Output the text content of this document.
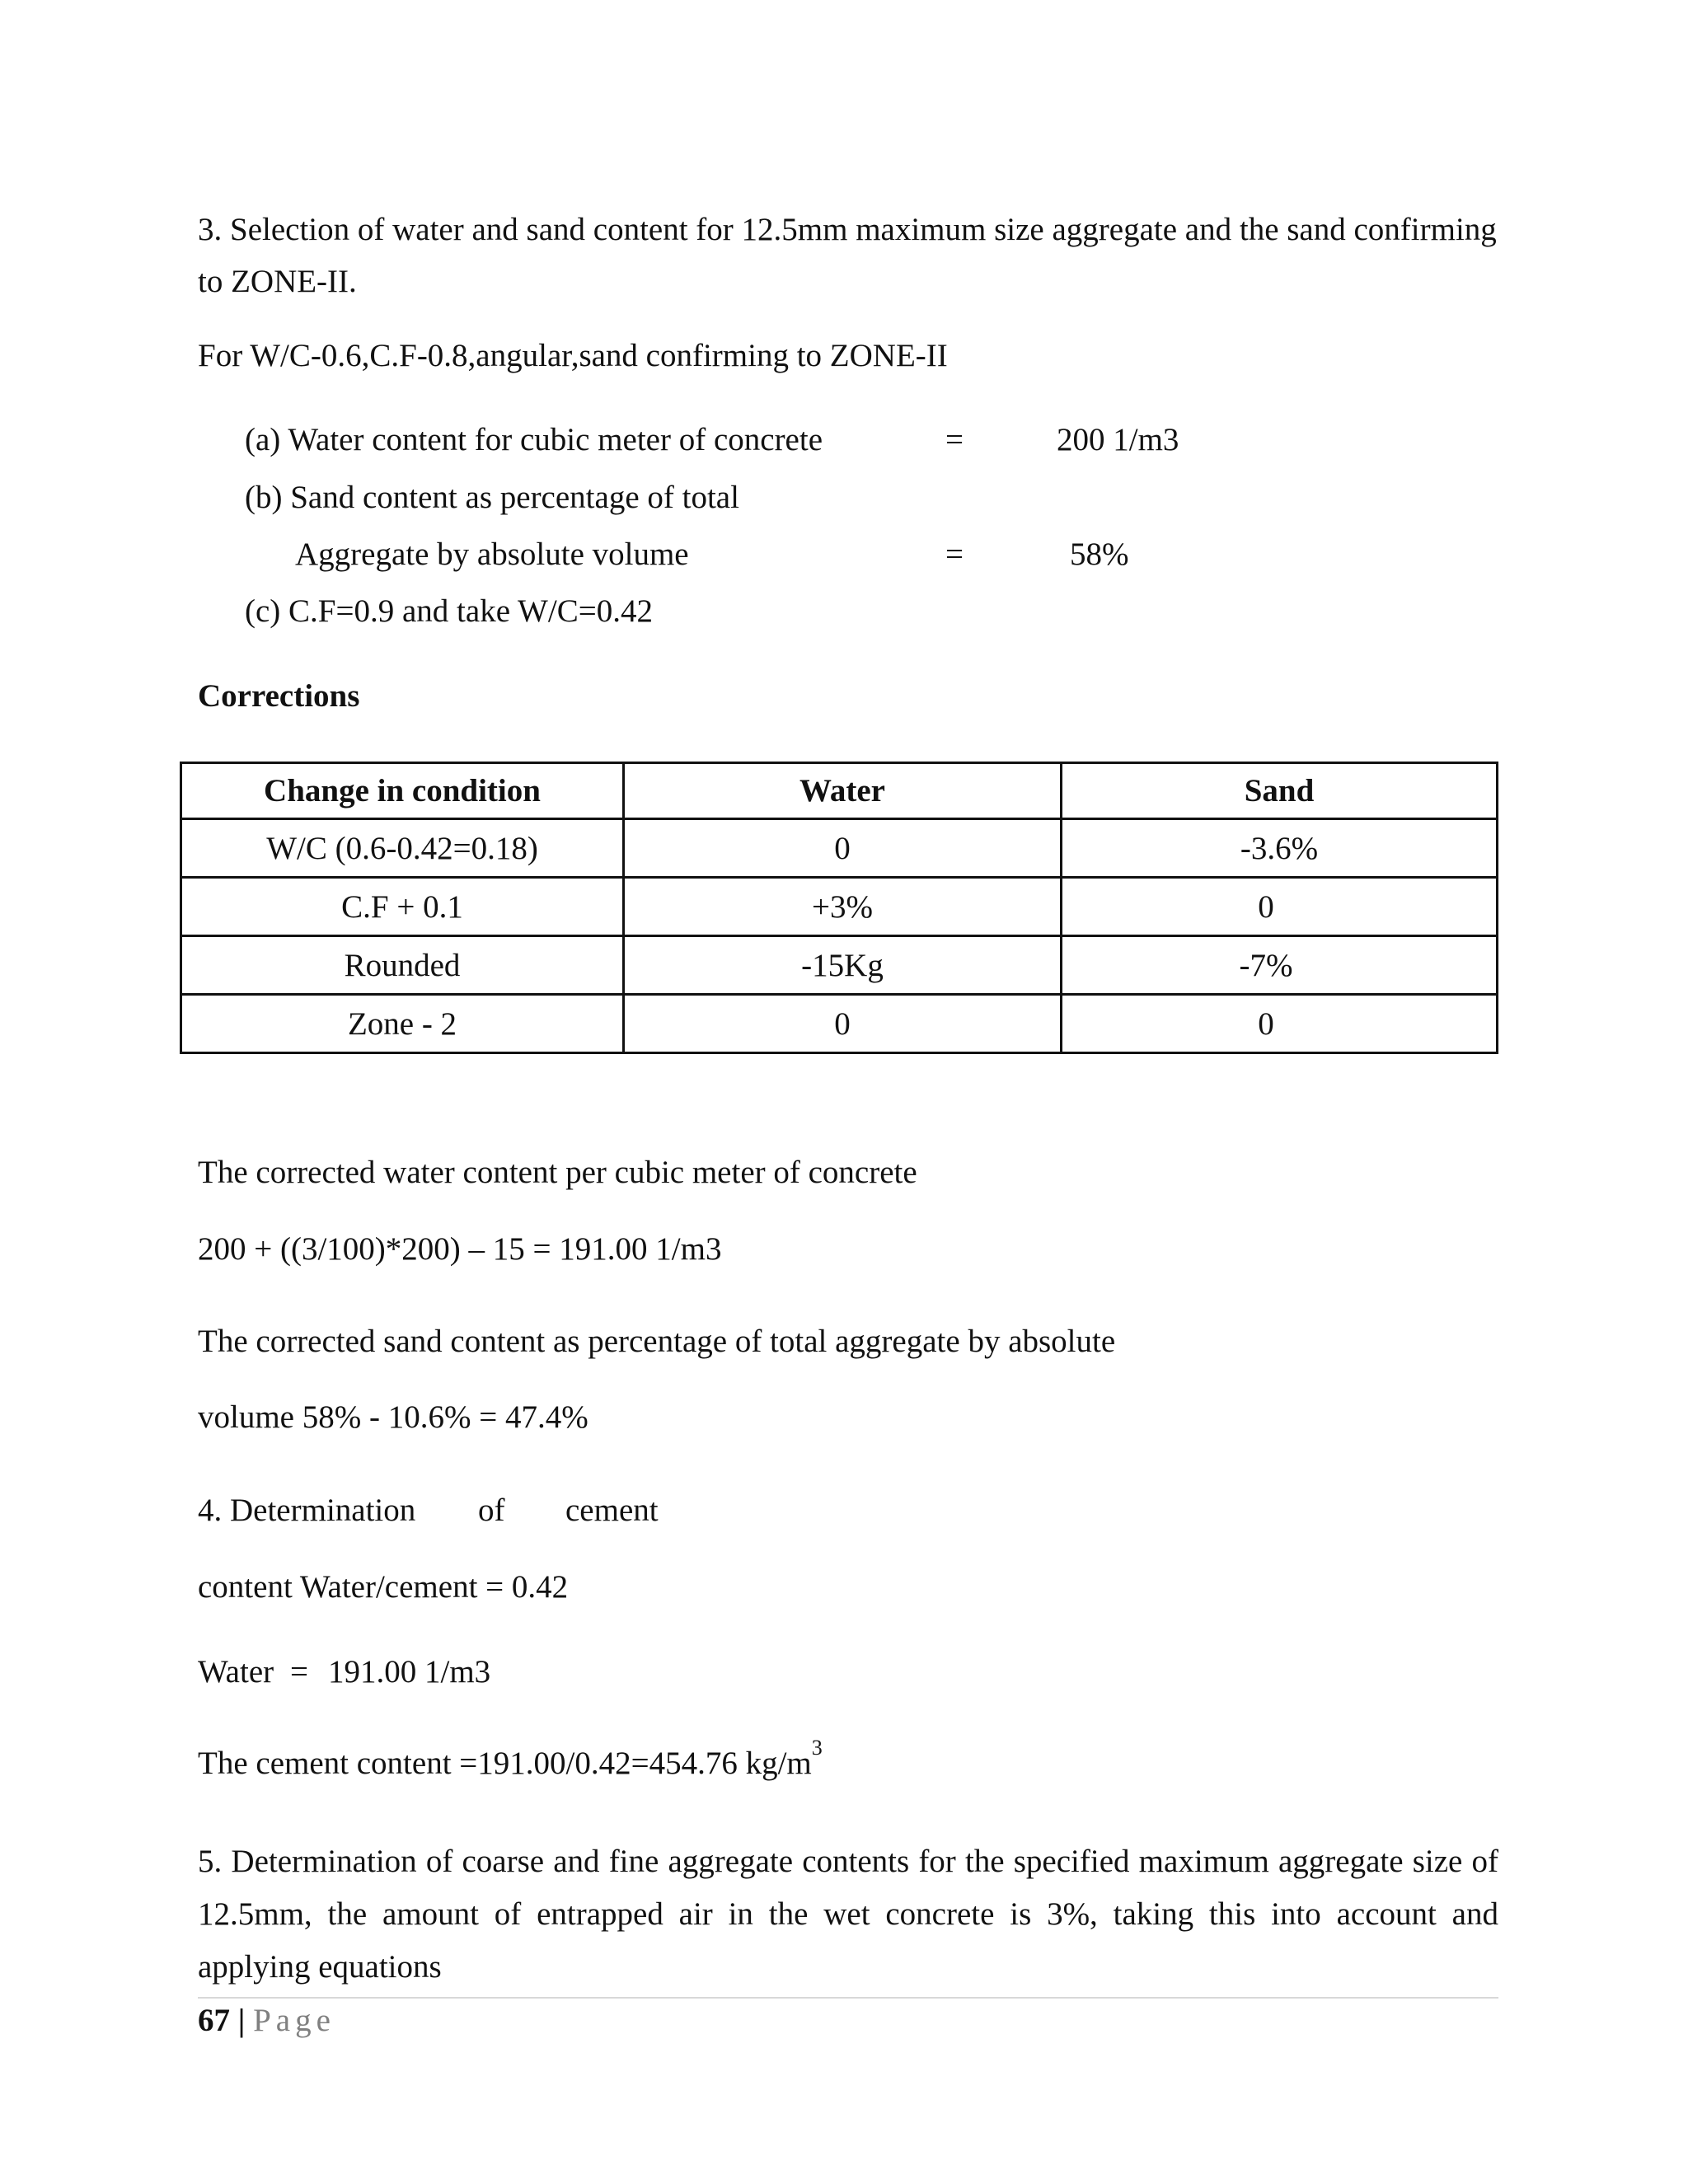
3. Selection of water and sand content for 12.5mm maximum size aggregate and the sand confirming to ZONE-II.
For W/C-0.6,C.F-0.8,angular,sand confirming to ZONE-II
(a) Water content for cubic meter of concrete	=	200 1/m3
(b) Sand content as percentage of total
Aggregate by absolute volume	=	58%
(c) C.F=0.9 and take W/C=0.42
Corrections
Change in condition	Water	Sand
W/C (0.6-0.42=0.18)	0	-3.6%
C.F + 0.1	+3%	0
Rounded	-15Kg	-7%
Zone - 2	0	0
The corrected water content per cubic meter of concrete
200 + ((3/100)*200) – 15 = 191.00 1/m3
The corrected sand content as percentage of total aggregate by absolute
volume 58% - 10.6% = 47.4%
4. Determination of cement
content Water/cement = 0.42
Water = 191.00 1/m3
The cement content =191.00/0.42=454.76 $kg/m^3$
5. Determination of coarse and fine aggregate contents for the specified maximum aggregate size of 12.5mm, the amount of entrapped air in the wet concrete is 3%, taking this into account and applying equations
67 | Page
